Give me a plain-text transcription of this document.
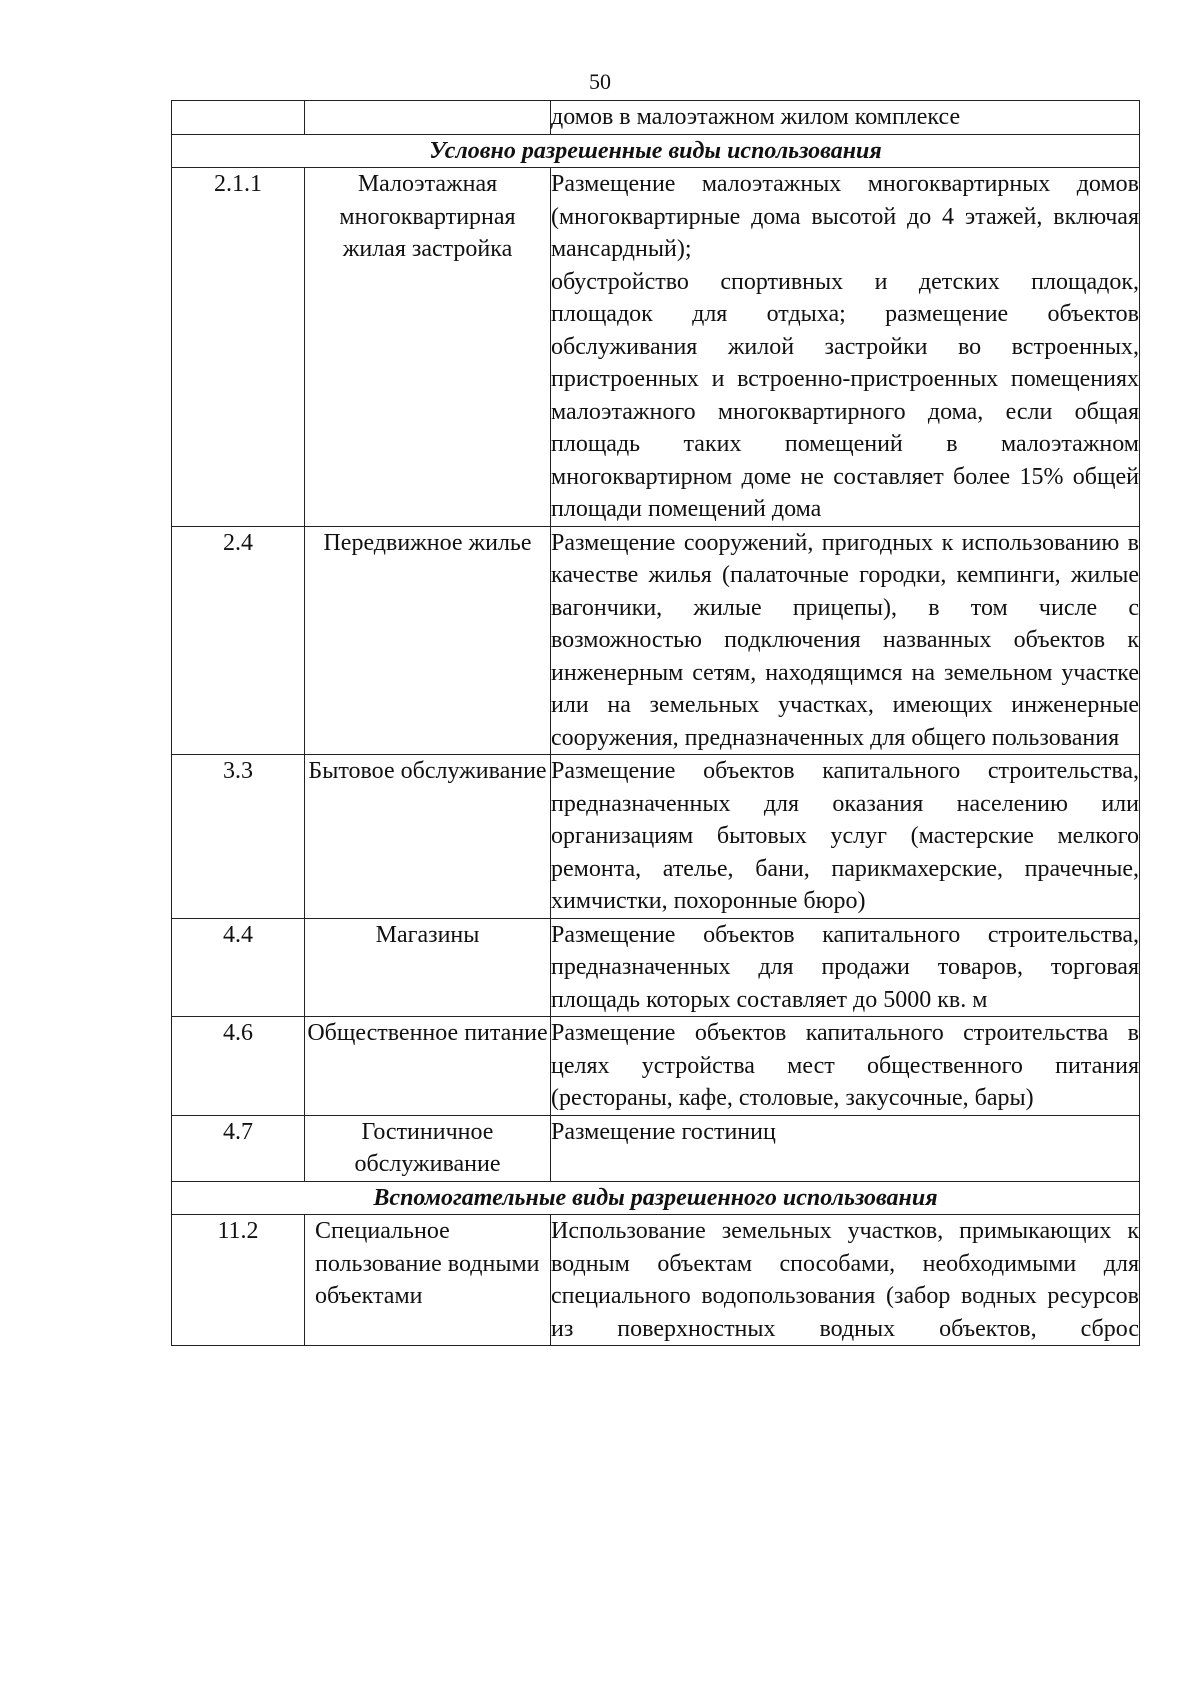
50
		домов в малоэтажном жилом комплексе
Условно разрешенные виды использования		
2.1.1	Малоэтажная многоквартирная жилая застройка	Размещение малоэтажных многоквартирных домов (многоквартирные дома высотой до 4 этажей, включая мансардный);
обустройство спортивных и детских площадок, площадок для отдыха; размещение объектов обслуживания жилой застройки во встроенных, пристроенных и встроенно-пристроенных помещениях малоэтажного многоквартирного дома, если общая площадь таких помещений в малоэтажном многоквартирном доме не составляет более 15% общей площади помещений дома

2.4	Передвижное жилье	Размещение сооружений, пригодных к использованию в качестве жилья (палаточные городки, кемпинги, жилые вагончики, жилые прицепы), в том числе с возможностью подключения названных объектов к инженерным сетям, находящимся на земельном участке или на земельных участках, имеющих инженерные сооружения, предназначенных для общего пользования

3.3	Бытовое обслуживание	Размещение объектов капитального строительства, предназначенных для оказания населению или организациям бытовых услуг (мастерские мелкого ремонта, ателье, бани, парикмахерские, прачечные, химчистки, похоронные бюро)

4.4	Магазины	Размещение объектов капитального строительства, предназначенных для продажи товаров, торговая площадь которых составляет до 5000 кв. м

4.6	Общественное питание	Размещение объектов капитального строительства в целях устройства мест общественного питания (рестораны, кафе, столовые, закусочные, бары)

4.7	Гостиничное обслуживание	Размещение гостиниц

Вспомогательные виды разрешенного использования		
11.2	Специальное пользование водными объектами	Использование земельных участков, примыкающих к водным объектам способами, необходимыми для специального водопользования (забор водных ресурсов из поверхностных водных объектов, сброс
